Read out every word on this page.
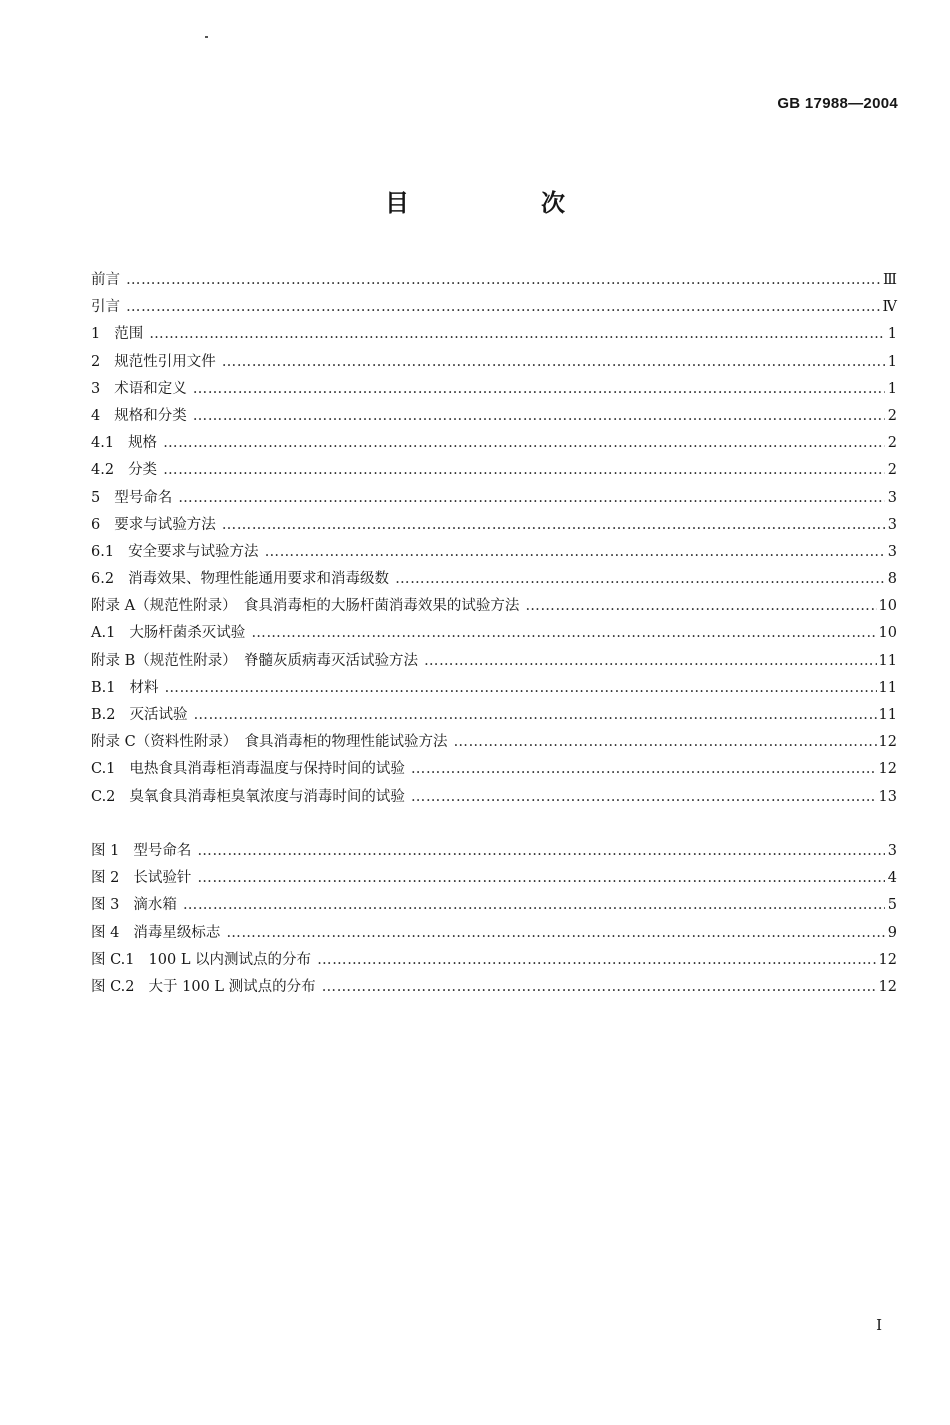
GB 17988—2004
目　次
前言 ………………………………………………………………………………………………………………………………………………………………………………………………………………	Ⅲ
引言 ………………………………………………………………………………………………………………………………………………………………………………………………………………	Ⅳ
1 范围 ………………………………………………………………………………………………………………………………………………………………………………………………………………	1
2 规范性引用文件 ………………………………………………………………………………………………………………………………………………………………………………………………………………	1
3 术语和定义 ………………………………………………………………………………………………………………………………………………………………………………………………………………	1
4 规格和分类 ………………………………………………………………………………………………………………………………………………………………………………………………………………	2
4.1 规格 ………………………………………………………………………………………………………………………………………………………………………………………………………………	2
4.2 分类 ………………………………………………………………………………………………………………………………………………………………………………………………………………	2
5 型号命名 ………………………………………………………………………………………………………………………………………………………………………………………………………………	3
6 要求与试验方法 ………………………………………………………………………………………………………………………………………………………………………………………………………………	3
6.1 安全要求与试验方法 ………………………………………………………………………………………………………………………………………………………………………………………………………………	3
6.2 消毒效果、物理性能通用要求和消毒级数 ………………………………………………………………………………………………………………………………………………………………………………………………………………	8
附录 A（规范性附录）　食具消毒柜的大肠杆菌消毒效果的试验方法 ………………………………………………………………………………………………………………………………………………………………………………………………………………	10
A.1 大肠杆菌杀灭试验 ………………………………………………………………………………………………………………………………………………………………………………………………………………	10
附录 B（规范性附录）　脊髓灰质病毒灭活试验方法 ………………………………………………………………………………………………………………………………………………………………………………………………………………	11
B.1 材料 ………………………………………………………………………………………………………………………………………………………………………………………………………………	11
B.2 灭活试验 ………………………………………………………………………………………………………………………………………………………………………………………………………………	11
附录 C（资料性附录）　食具消毒柜的物理性能试验方法 ………………………………………………………………………………………………………………………………………………………………………………………………………………	12
C.1 电热食具消毒柜消毒温度与保持时间的试验 ………………………………………………………………………………………………………………………………………………………………………………………………………………	12
C.2 臭氧食具消毒柜臭氧浓度与消毒时间的试验 ………………………………………………………………………………………………………………………………………………………………………………………………………………	13
图 1 型号命名 ………………………………………………………………………………………………………………………………………………………………………………………………………………	3
图 2 长试验针 ………………………………………………………………………………………………………………………………………………………………………………………………………………	4
图 3 滴水箱 ………………………………………………………………………………………………………………………………………………………………………………………………………………	5
图 4 消毒星级标志 ………………………………………………………………………………………………………………………………………………………………………………………………………………	9
图 C.1 100 L 以内测试点的分布 ………………………………………………………………………………………………………………………………………………………………………………………………………………	12
图 C.2 大于 100 L 测试点的分布 ………………………………………………………………………………………………………………………………………………………………………………………………………………	12
I
